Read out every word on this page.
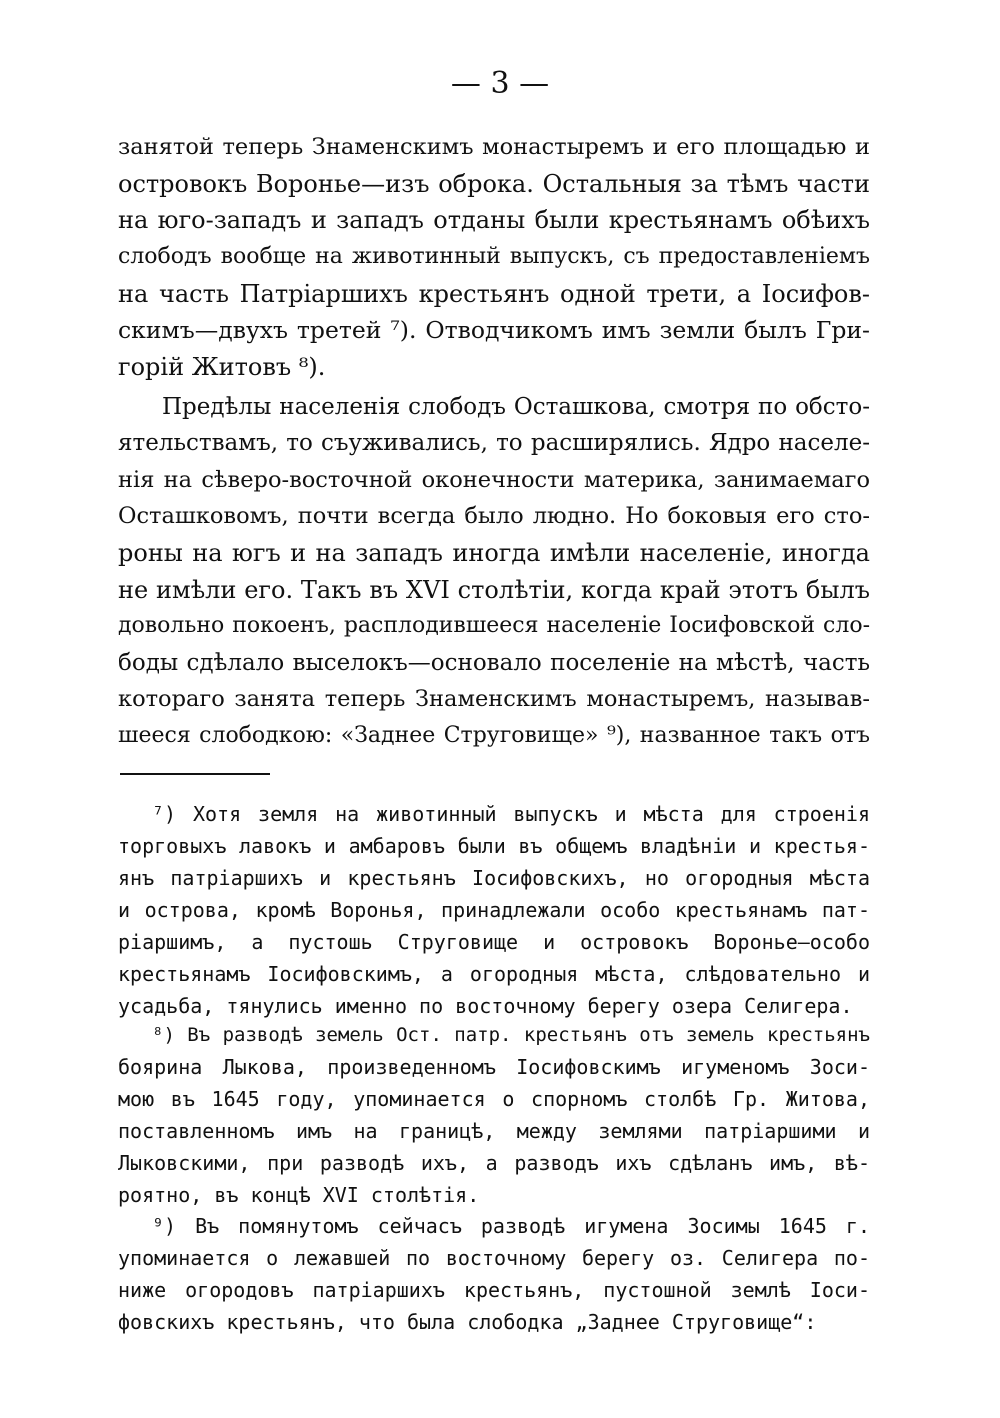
— 3 —
занятой теперь Знаменскимъ монастыремъ и его площадью и
островокъ Воронье—изъ оброка. Остальныя за тѣмъ части
на юго-западъ и западъ отданы были крестьянамъ обѣихъ
слободъ вообще на животинный выпускъ, съ предоставленіемъ
на часть Патріаршихъ крестьянъ одной трети, а Іосифов-
скимъ—двухъ третей ⁷). Отводчикомъ имъ земли былъ Гри-
горій Житовъ ⁸).
Предѣлы населенія слободъ Осташкова, смотря по обсто-
ятельствамъ, то съуживались, то расширялись. Ядро населе-
нія на сѣверо-восточной оконечности материка, занимаемаго
Осташковомъ, почти всегда было людно. Но боковыя его сто-
роны на югъ и на западъ иногда имѣли населеніе, иногда
не имѣли его. Такъ въ XVI столѣтіи, когда край этотъ былъ
довольно покоенъ, расплодившееся населеніе Іосифовской сло-
боды сдѣлало выселокъ—основало поселеніе на мѣстѣ, часть
котораго занята теперь Знаменскимъ монастыремъ, называв-
шееся слободкою: «Заднее Струговище» ⁹), названное такъ отъ
⁷) Хотя земля на животинный выпускъ и мѣста для строенія
торговыхъ лавокъ и амбаровъ были въ общемъ владѣніи и крестья-
янъ патріаршихъ и крестьянъ Іосифовскихъ, но огородныя мѣста
и острова, кромѣ Воронья, принадлежали особо крестьянамъ пат-
ріаршимъ, а пустошь Струговище и островокъ Воронье—особо
крестьянамъ Іосифовскимъ, а огородныя мѣста, слѣдовательно и
усадьба, тянулись именно по восточному берегу озера Селигера.
⁸) Въ разводѣ земель Ост. патр. крестьянъ отъ земель крестьянъ
боярина Лыкова, произведенномъ Іосифовскимъ игуменомъ Зоси-
мою въ 1645 году, упоминается о спорномъ столбѣ Гр. Житова,
поставленномъ имъ на границѣ, между землями патріаршими и
Лыковскими, при разводѣ ихъ, а разводъ ихъ сдѣланъ имъ, вѣ-
роятно, въ концѣ XVI столѣтія.
⁹) Въ помянутомъ сейчасъ разводѣ игумена Зосимы 1645 г.
упоминается о лежавшей по восточному берегу оз. Селигера по-
ниже огородовъ патріаршихъ крестьянъ, пустошной землѣ Іоси-
фовскихъ крестьянъ, что была слободка „Заднее Струговище“:
